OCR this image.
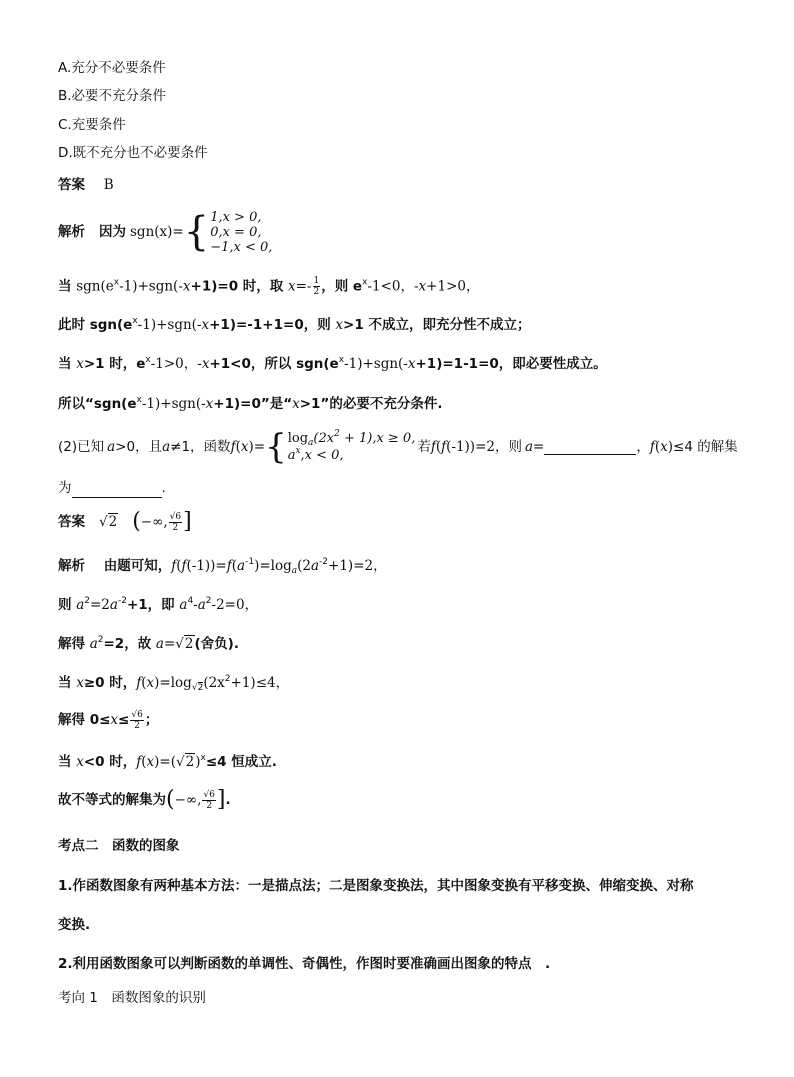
A.充分不必要条件
B.必要不充分条件
C.充要条件
D.既不充分也不必要条件
答案 B
解析 因为 sgn(x)= { 1,x > 0,
0,x = 0,
−1,x < 0,
当 $sgn(e^x-1)+sgn(-x+1)=0$ 时，取 $x=- \frac{1}{2}$ ，则 $e^x-1<0$，-x+1>0，
此时 $sgn(e^x-1)+sgn(-x+1)=-1+1=0$，则 x>1 不成立，即充分性不成立；
当 x>1 时，$e^x-1>0$，-x+1<0，所以 $sgn(e^x-1)+sgn(-x+1)=1-1=0$，即必要性成立。
所以“$sgn(e^x-1)+sgn(-x+1)=0$”是“x>1”的必要不充分条件.
(2)已知 a >0，且 a ≠1，函数 f ( x ) = { $\log_a(2x^2 + 1),x \ge 0$,
$a^x,x < 0$,
若 f ( f (-1))=2，则 a =	， f ( x ) ≤4 的解集
为	.
答案 √2 ( −∞, $\frac{√6}{2}$ ]
解析 由题可知，$f(f(-1))=f(a^{-1})=\log_a(2a^{-2}+1)=2$，
则 $a^2=2a^{-2}+1$，即 $a^4-a^2-2=0$，
解得 $a^2=2$，故 a=√2(舍负).
当 x≥0 时，$f(x)=\log_{√2}(2x^2+1)\le 4$，
解得 $0\le x \le \frac{√6}{2}$ ；
当 x<0 时，$f(x)=(√2)^x\le 4$ 恒成立.
故不等式的解集为 ( −∞, $\frac{√6}{2}$ ] .
考点二　函数的图象
1.作函数图象有两种基本方法：一是描点法；二是图象变换法，其中图象变换有平移变换、伸缩变换、对称
变换.
2.利用函数图象可以判断函数的单调性、奇偶性，作图时要准确画出图象的特点　.
考向 1　函数图象的识别
